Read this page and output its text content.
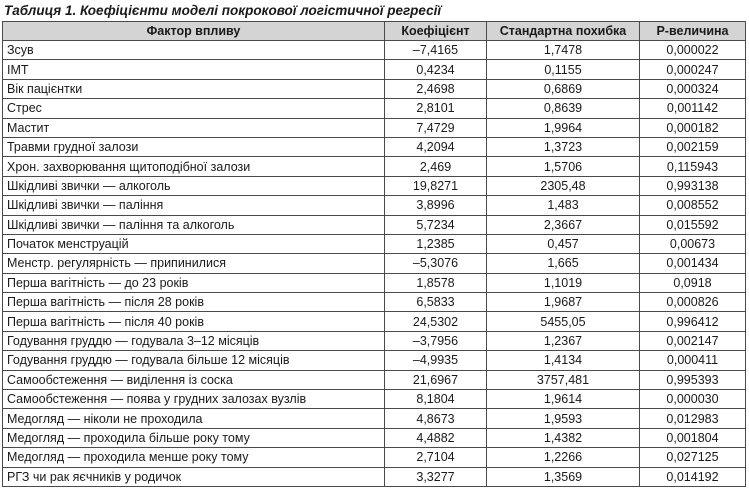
Таблиця 1. Коефіцієнти моделі покрокової логістичної регресії
Фактор впливу	Коефіцієнт	Стандартна похибка	P-величина
Зсув	–7,4165	1,7478	0,000022
ІМТ	0,4234	0,1155	0,000247
Вік пацієнтки	2,4698	0,6869	0,000324
Стрес	2,8101	0,8639	0,001142
Мастит	7,4729	1,9964	0,000182
Травми грудної залози	4,2094	1,3723	0,002159
Хрон. захворювання щитоподібної залози	2,469	1,5706	0,115943
Шкідливі звички — алкоголь	19,8271	2305,48	0,993138
Шкідливі звички — паління	3,8996	1,483	0,008552
Шкідливі звички — паління та алкоголь	5,7234	2,3667	0,015592
Початок менструацій	1,2385	0,457	0,00673
Менстр. регулярність — припинилися	–5,3076	1,665	0,001434
Перша вагітність — до 23 років	1,8578	1,1019	0,0918
Перша вагітність — після 28 років	6,5833	1,9687	0,000826
Перша вагітність — після 40 років	24,5302	5455,05	0,996412
Годування груддю — годувала 3–12 місяців	–3,7956	1,2367	0,002147
Годування груддю — годувала більше 12 місяців	–4,9935	1,4134	0,000411
Самообстеження — виділення із соска	21,6967	3757,481	0,995393
Самообстеження — поява у грудних залозах вузлів	8,1804	1,9614	0,000030
Медогляд — ніколи не проходила	4,8673	1,9593	0,012983
Медогляд — проходила більше року тому	4,4882	1,4382	0,001804
Медогляд — проходила менше року тому	2,7104	1,2266	0,027125
РГЗ чи рак яєчників у родичок	3,3277	1,3569	0,014192
